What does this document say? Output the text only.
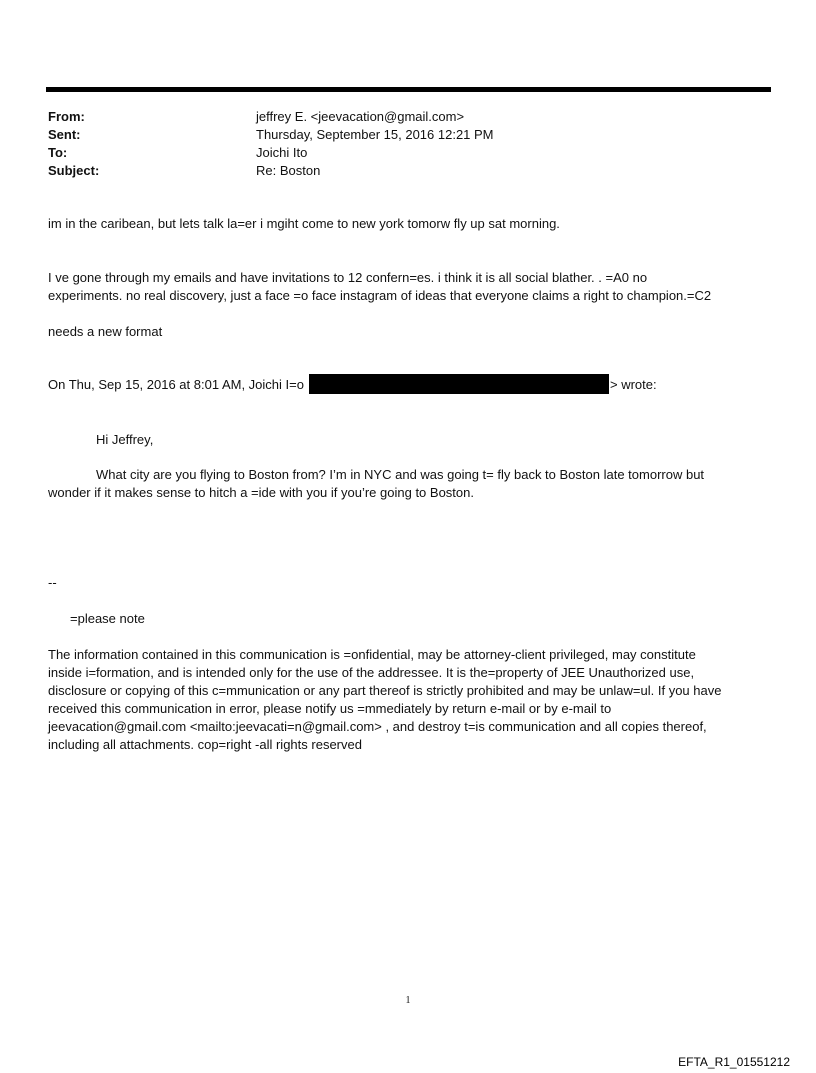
From:	jeffrey E. <jeevacation@gmail.com>
Sent:	Thursday, September 15, 2016 12:21 PM
To:	Joichi Ito
Subject:	Re: Boston
im in the caribean, but lets talk la=er i mgiht come to new york tomorw fly up sat morning.
I ve gone through my emails and have invitations to 12 confern=es. i think it is all social blather. . =A0 no
experiments. no real discovery, just a face =o face instagram of ideas that everyone claims a right to champion.=C2
needs a new format
On Thu, Sep 15, 2016 at 8:01 AM, Joichi I=o	> wrote:
Hi Jeffrey,
What city are you flying to Boston from? I’m in NYC and was going t= fly back to Boston late tomorrow but
wonder if it makes sense to hitch a =ide with you if you’re going to Boston.
--
=please note
The information contained in this communication is =onfidential, may be attorney-client privileged, may constitute
inside i=formation, and is intended only for the use of the addressee. It is the=property of JEE Unauthorized use,
disclosure or copying of this c=mmunication or any part thereof is strictly prohibited and may be unlaw=ul. If you have
received this communication in error, please notify us =mmediately by return e-mail or by e-mail to
jeevacation@gmail.com <mailto:jeevacati=n@gmail.com> , and destroy t=is communication and all copies thereof,
including all attachments. cop=right -all rights reserved
1
EFTA_R1_01551212
